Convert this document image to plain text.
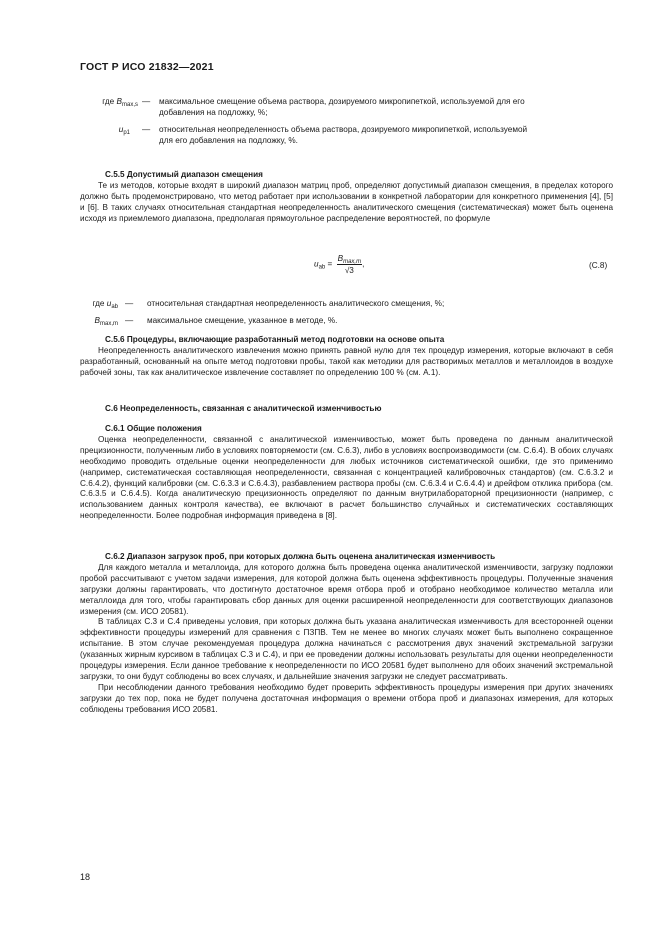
ГОСТ Р ИСО 21832—2021
где $B_{max,s}$ — максимальное смещение объема раствора, дозируемого микропипеткой, используемой для его
добавления на подложку, %;
$u_{p1}$ — относительная неопределенность объема раствора, дозируемого микропипеткой, используемой
для его добавления на подложку, %.

С.5.5 Допустимый диапазон смещения

Те из методов, которые входят в широкий диапазон матриц проб, определяют допустимый диапазон смещения, в пределах которого должно быть продемонстрировано, что метод работает при использовании в конкретной лаборатории для конкретного применения [4], [5] и [6]. В таких случаях относительная стандартная неопределенность аналитического смещения (систематическая) может быть оценена исходя из приемлемого диапазона, предполагая прямоугольное распределение вероятностей, по формуле

$u_{ab} = \frac{B_{max,m}}{√3}$ ,	(С.8)
где $u_{ab}$ — относительная стандартная неопределенность аналитического смещения, %;
$B_{max,m}$ — максимальное смещение, указанное в методе, %.

С.5.6 Процедуры, включающие разработанный метод подготовки на основе опыта

Неопределенность аналитического извлечения можно принять равной нулю для тех процедур измерения, которые включают в себя разработанный, основанный на опыте метод подготовки пробы, такой как методики для растворимых металлов и металлоидов в воздухе рабочей зоны, так как аналитическое извлечение составляет по определению 100 % (см. А.1).

С.6 Неопределенность, связанная с аналитической изменчивостью

С.6.1 Общие положения

Оценка неопределенности, связанной с аналитической изменчивостью, может быть проведена по данным аналитической прецизионности, полученным либо в условиях повторяемости (см. С.6.3), либо в условиях воспроизводимости (см. С.6.4). В обоих случаях необходимо проводить отдельные оценки неопределенности для любых источников систематической ошибки, где это применимо (например, систематическая составляющая неопределенности, связанная с концентрацией калибровочных стандартов) (см. С.6.3.2 и С.6.4.2), функций калибровки (см. С.6.3.3 и С.6.4.3), разбавлением раствора пробы (см. С.6.3.4 и С.6.4.4) и дрейфом отклика прибора (см. С.6.3.5 и С.6.4.5). Когда аналитическую прецизионность определяют по данным внутрилабораторной прецизионности (например, с использованием данных контроля качества), ее включают в расчет большинство случайных и систематических составляющих неопределенности. Более подробная информация приведена в [8].

С.6.2 Диапазон загрузок проб, при которых должна быть оценена аналитическая изменчивость

Для каждого металла и металлоида, для которого должна быть проведена оценка аналитической изменчивости, загрузку подложки пробой рассчитывают с учетом задачи измерения, для которой должна быть оценена эффективность процедуры. Полученные значения загрузки должны гарантировать, что достигнуто достаточное время отбора проб и отобрано необходимое количество металла или металлоида для того, чтобы гарантировать сбор данных для оценки расширенной неопределенности для соответствующих диапазонов измерения (см. ИСО 20581).

В таблицах С.3 и С.4 приведены условия, при которых должна быть указана аналитическая изменчивость для всесторонней оценки эффективности процедуры измерений для сравнения с ПЗПВ. Тем не менее во многих случаях может быть выполнено сокращенное испытание. В этом случае рекомендуемая процедура должна начинаться с рассмотрения двух значений экстремальной загрузки (указанных жирным курсивом в таблицах С.3 и С.4), и при ее проведении должны использовать результаты для оценки неопределенности процедуры измерения. Если данное требование к неопределенности по ИСО 20581 будет выполнено для обоих значений экстремальной загрузки, то они будут соблюдены во всех случаях, и дальнейшие значения загрузки не следует рассматривать.

При несоблюдении данного требования необходимо будет проверить эффективность процедуры измерения при других значениях загрузки до тех пор, пока не будет получена достаточная информация о времени отбора проб и диапазонах измерения, для которых соблюдены требования ИСО 20581.

18
